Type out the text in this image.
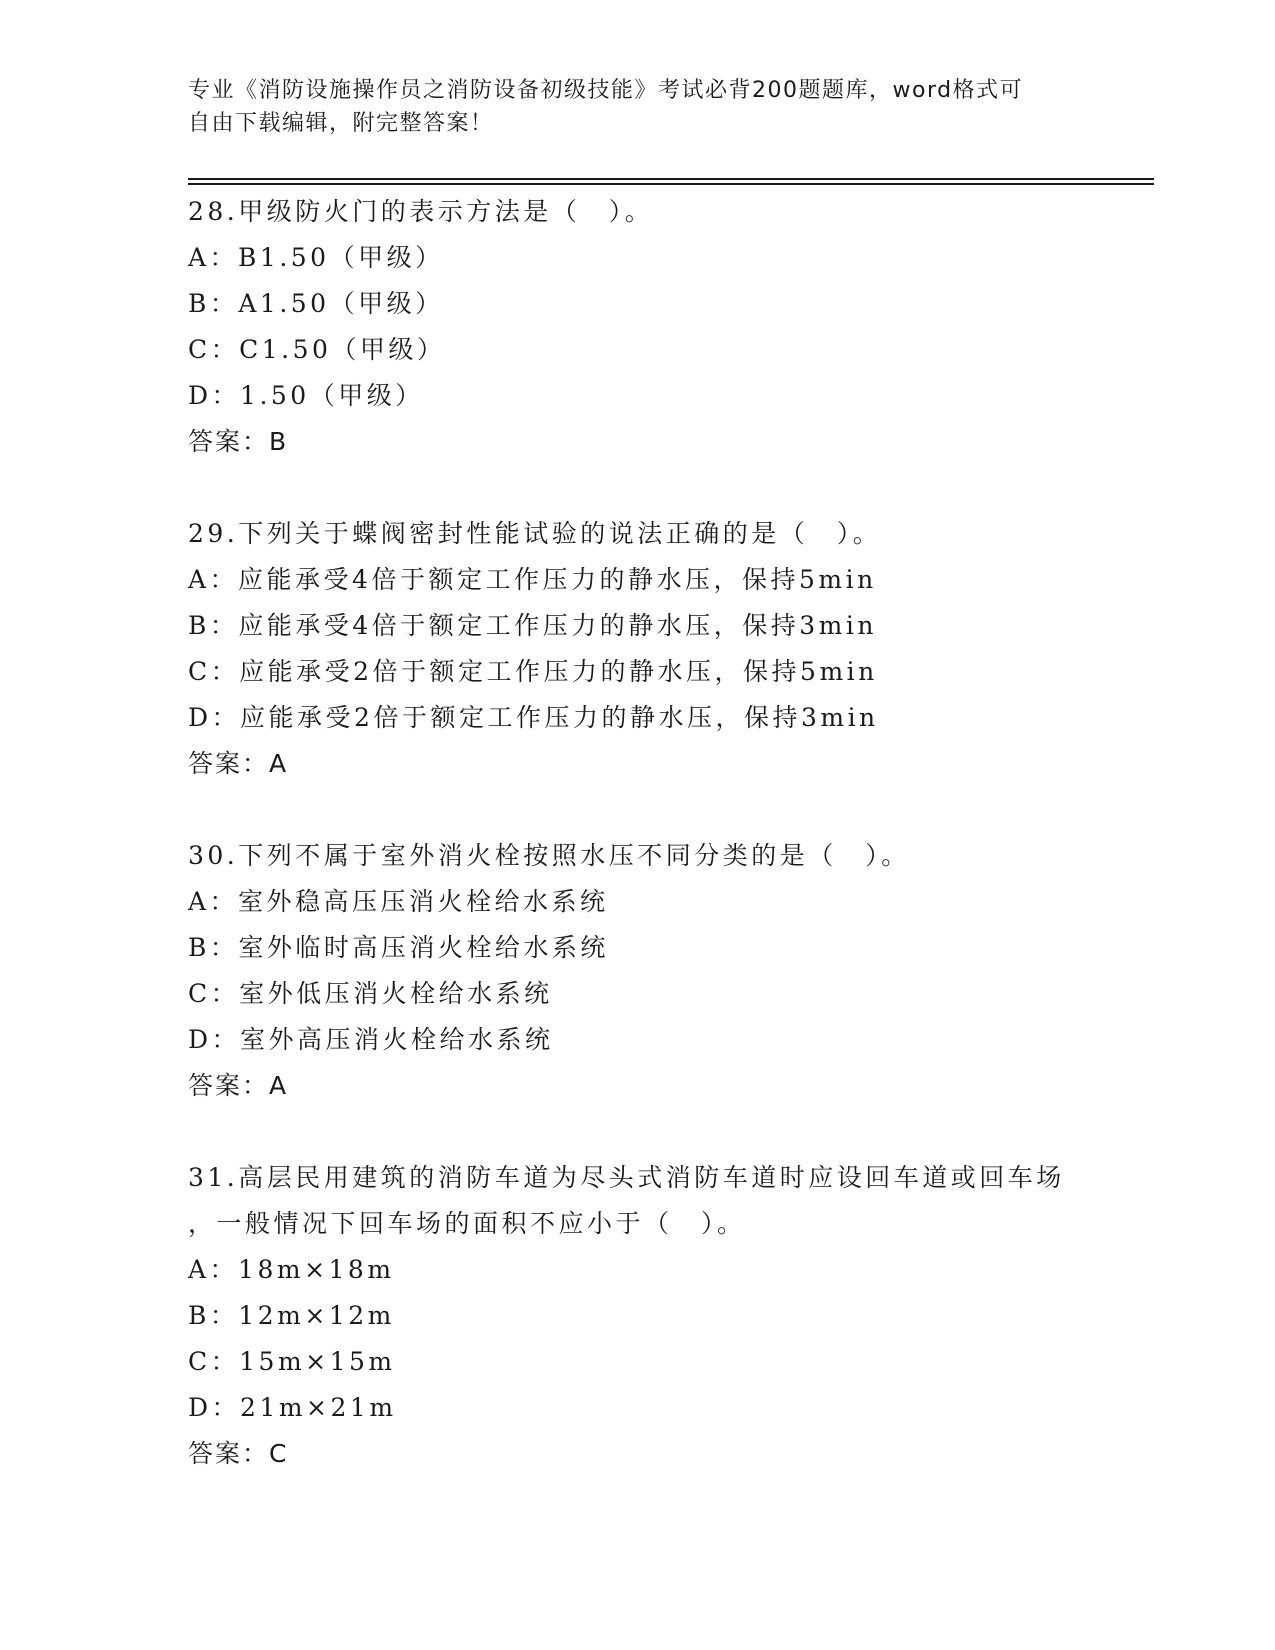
专业《消防设施操作员之消防设备初级技能》考试必背200题题库，word格式可
自由下载编辑，附完整答案！
28.甲级防火门的表示方法是（　）。
A：B1.50（甲级）
B：A1.50（甲级）
C：C1.50（甲级）
D：1.50（甲级）
答案：B
29.下列关于蝶阀密封性能试验的说法正确的是（　）。
A：应能承受4倍于额定工作压力的静水压，保持5min
B：应能承受4倍于额定工作压力的静水压，保持3min
C：应能承受2倍于额定工作压力的静水压，保持5min
D：应能承受2倍于额定工作压力的静水压，保持3min
答案：A
30.下列不属于室外消火栓按照水压不同分类的是（　）。
A：室外稳高压压消火栓给水系统
B：室外临时高压消火栓给水系统
C：室外低压消火栓给水系统
D：室外高压消火栓给水系统
答案：A
31.高层民用建筑的消防车道为尽头式消防车道时应设回车道或回车场
，一般情况下回车场的面积不应小于（　）。
A：18m×18m
B：12m×12m
C：15m×15m
D：21m×21m
答案：C
